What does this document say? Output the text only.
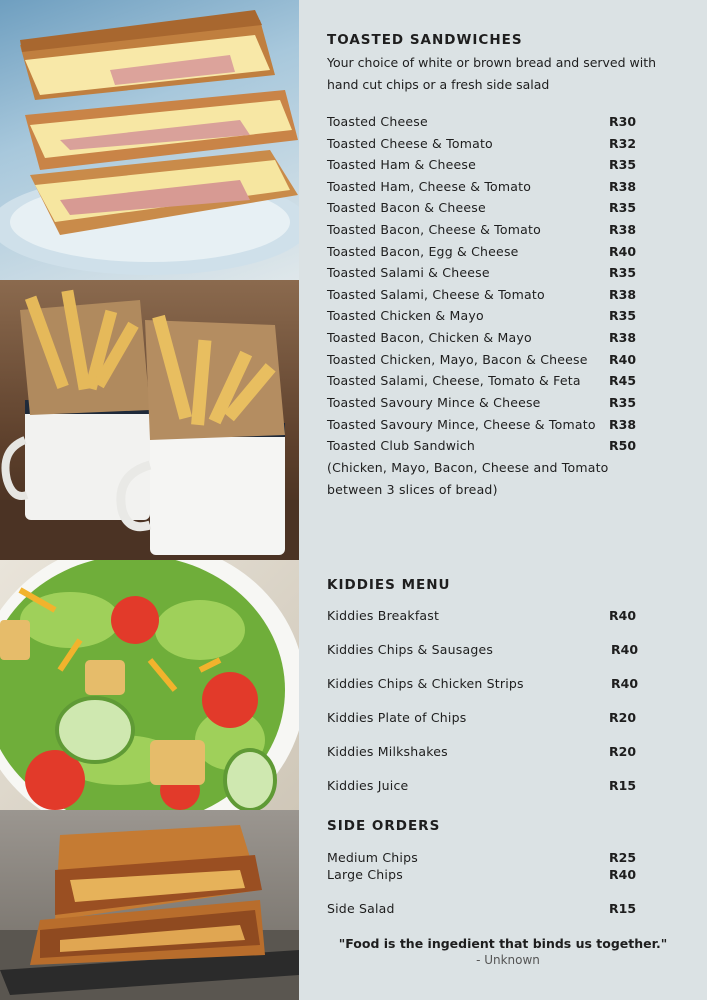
TOASTED SANDWICHES
Your choice of white or brown bread and served with hand cut chips or a fresh side salad
Toasted Cheese	R30
Toasted Cheese & Tomato	R32
Toasted Ham & Cheese	R35
Toasted Ham, Cheese & Tomato	R38
Toasted Bacon & Cheese	R35
Toasted Bacon, Cheese & Tomato	R38
Toasted Bacon, Egg & Cheese	R40
Toasted Salami & Cheese	R35
Toasted Salami, Cheese & Tomato	R38
Toasted Chicken & Mayo	R35
Toasted Bacon, Chicken & Mayo	R38
Toasted Chicken, Mayo, Bacon & Cheese R40
Toasted Salami, Cheese, Tomato & Feta R45
Toasted Savoury Mince & Cheese	R35
Toasted Savoury Mince, Cheese & Tomato R38
Toasted Club Sandwich	R50
(Chicken, Mayo, Bacon, Cheese and Tomato
between 3 slices of bread)
KIDDIES MENU
Kiddies Breakfast	R40
Kiddies Chips & Sausages	R40
Kiddies Chips & Chicken Strips	R40
Kiddies Plate of Chips	R20
Kiddies Milkshakes	R20
Kiddies Juice	R15
SIDE ORDERS
Medium Chips	R25
Large Chips	R40
Side Salad	R15
"Food is the ingedient that binds us together."
- Unknown
